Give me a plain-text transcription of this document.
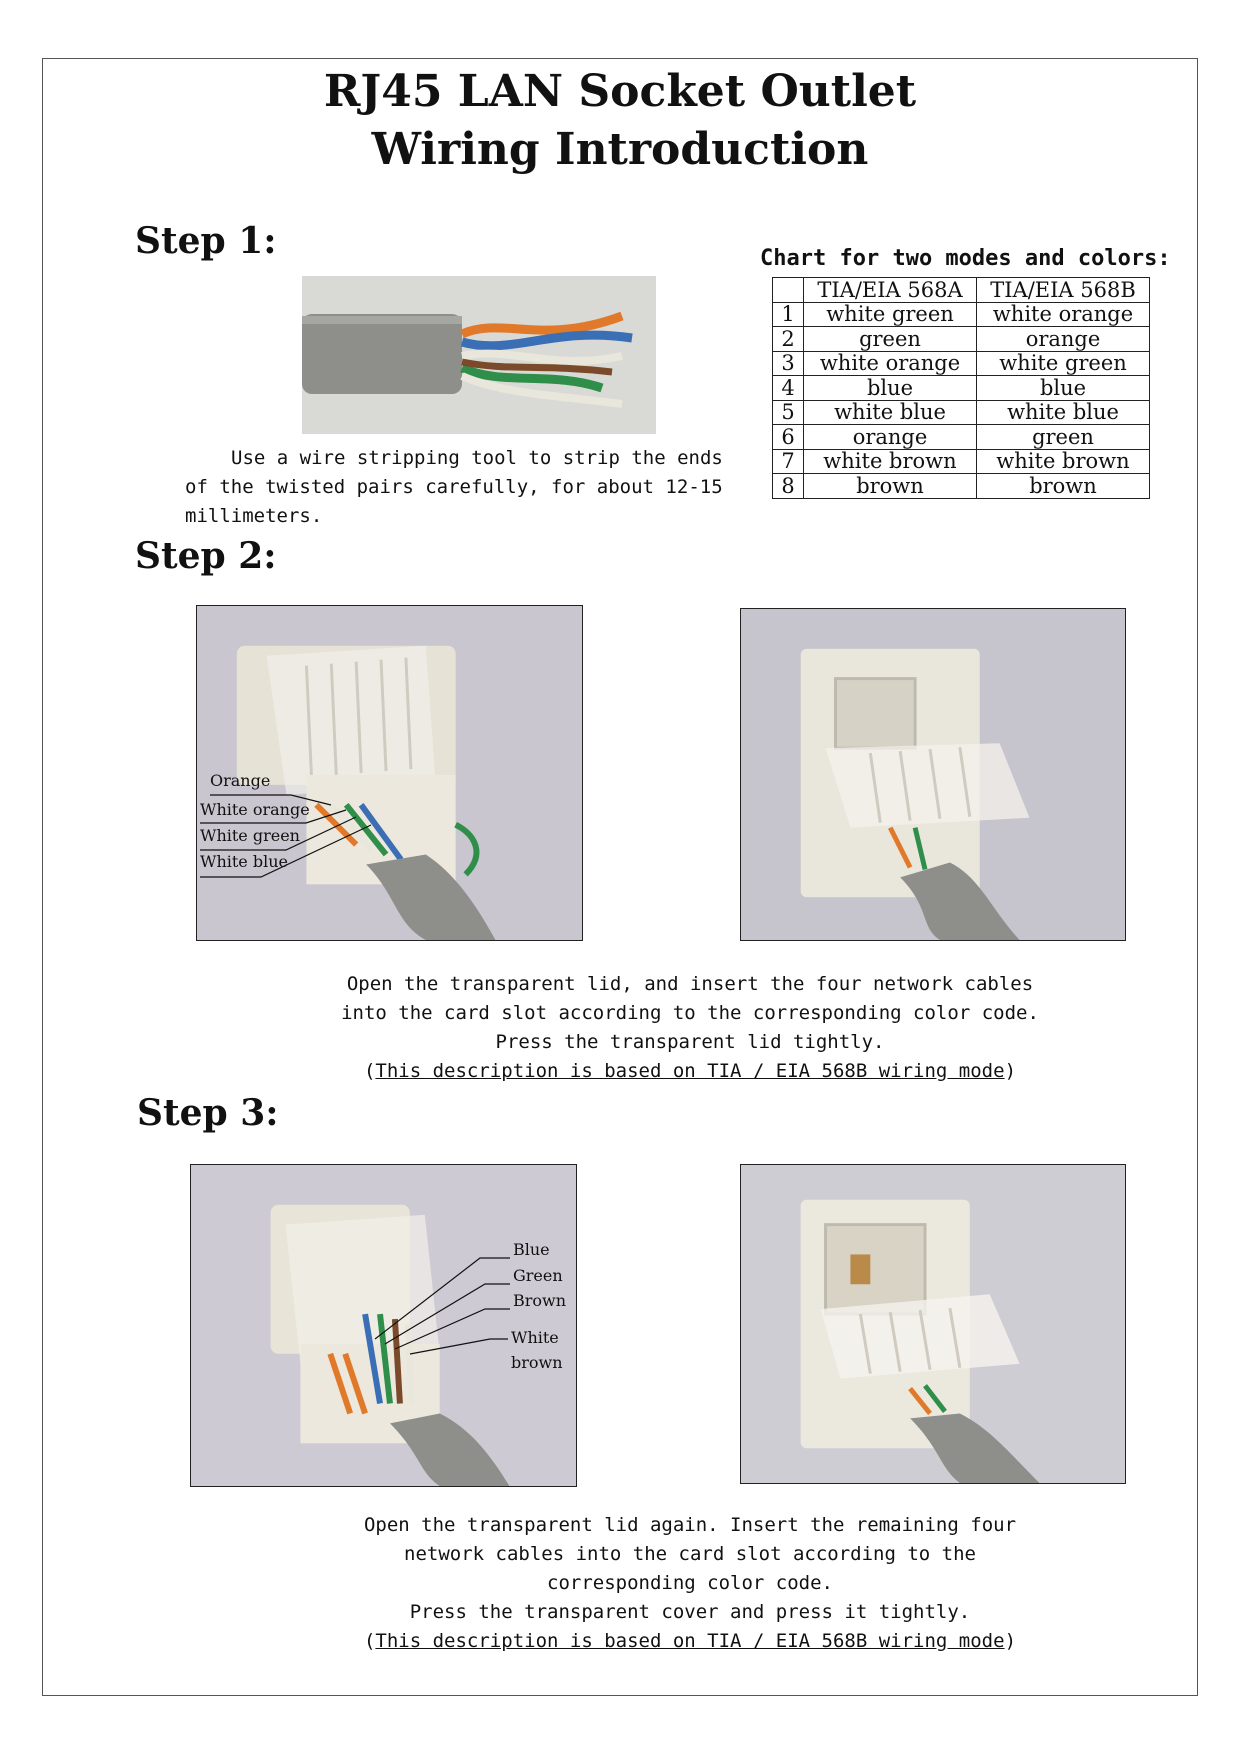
RJ45 LAN Socket Outlet
Wiring Introduction
Step 1:
Use a wire stripping tool to strip the ends
of the twisted pairs carefully, for about 12-15
millimeters.
Chart for two modes and colors:
	TIA/EIA 568A	TIA/EIA 568B
1	white green	white orange
2	green	orange
3	white orange	white green
4	blue	blue
5	white blue	white blue
6	orange	green
7	white brown	white brown
8	brown	brown
Step 2:
Orange
White orange
White green
White blue
Open the transparent lid, and insert the four network cables
into the card slot according to the corresponding color code.
Press the transparent lid tightly.
(This description is based on TIA / EIA 568B wiring mode)
Step 3:
Blue
Green
Brown
White
brown
Open the transparent lid again. Insert the remaining four
network cables into the card slot according to the
corresponding color code.
Press the transparent cover and press it tightly.
(This description is based on TIA / EIA 568B wiring mode)
